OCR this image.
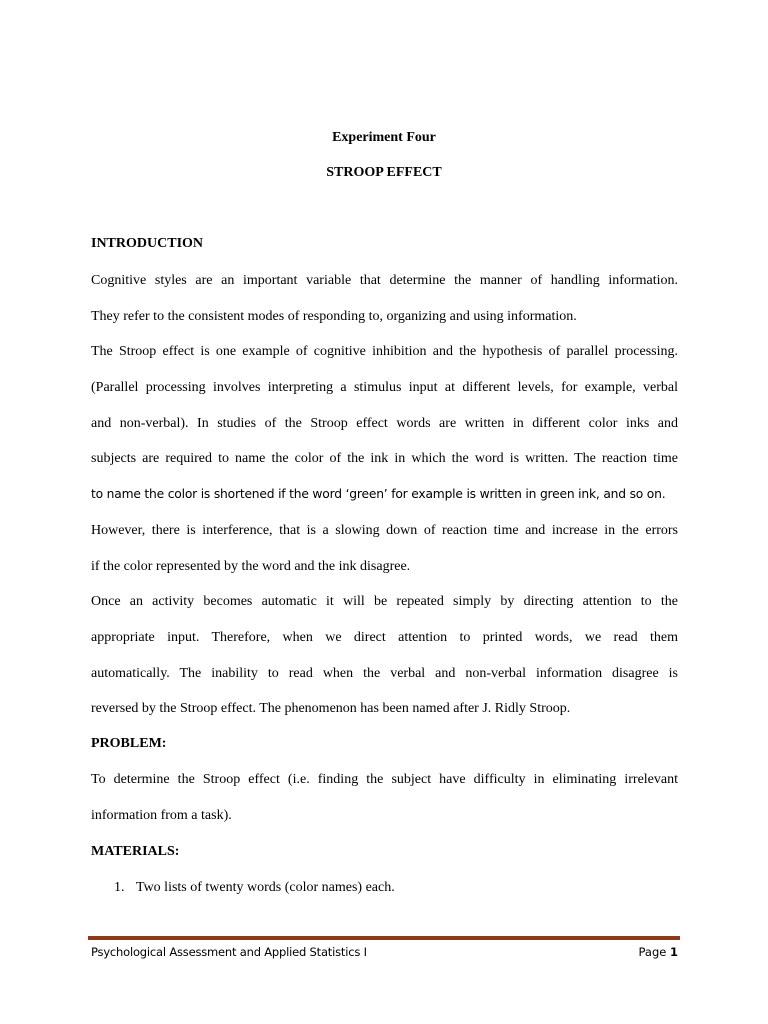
Experiment Four
STROOP EFFECT
INTRODUCTION
Cognitive styles are an important variable that determine the manner of handling information.
They refer to the consistent modes of responding to, organizing and using information.
The Stroop effect is one example of cognitive inhibition and the hypothesis of parallel processing.
(Parallel processing involves interpreting a stimulus input at different levels, for example, verbal
and non-verbal). In studies of the Stroop effect words are written in different color inks and
subjects are required to name the color of the ink in which the word is written. The reaction time
to name the color is shortened if the word ‘green’ for example is written in green ink, and so on.
However, there is interference, that is a slowing down of reaction time and increase in the errors
if the color represented by the word and the ink disagree.
Once an activity becomes automatic it will be repeated simply by directing attention to the
appropriate input. Therefore, when we direct attention to printed words, we read them
automatically. The inability to read when the verbal and non-verbal information disagree is
reversed by the Stroop effect. The phenomenon has been named after J. Ridly Stroop.
PROBLEM:
To determine the Stroop effect (i.e. finding the subject have difficulty in eliminating irrelevant
information from a task).
MATERIALS:
1. Two lists of twenty words (color names) each.
Psychological Assessment and Applied Statistics I	Page 1
